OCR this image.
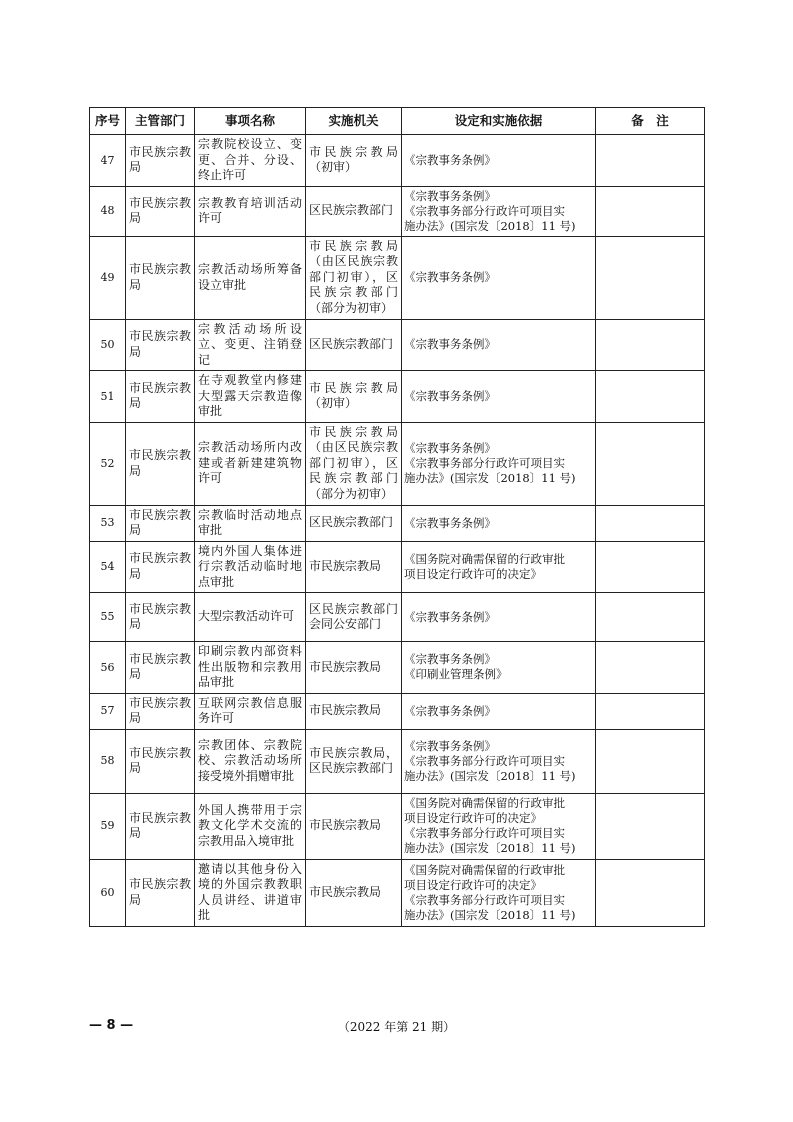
序号	主管部门	事项名称	实施机关	设定和实施依据	备　注
47	市民族宗教局	宗教院校设立、变更、合并、分设、终止许可	市民族宗教局（初审）	《宗教事务条例》	

48	市民族宗教局	宗教教育培训活动许可	区民族宗教部门	《宗教事务条例》
《宗教事务部分行政许可项目实
施办法》(国宗发〔2018〕11 号)	

49	市民族宗教局	宗教活动场所筹备设立审批	市民族宗教局（由区民族宗教部门初审），区民族宗教部门（部分为初审）	《宗教事务条例》	

50	市民族宗教局	宗教活动场所设立、变更、注销登记	区民族宗教部门	《宗教事务条例》	

51	市民族宗教局	在寺观教堂内修建大型露天宗教造像审批	市民族宗教局（初审）	《宗教事务条例》	

52	市民族宗教局	宗教活动场所内改建或者新建建筑物许可	市民族宗教局（由区民族宗教部门初审），区民族宗教部门（部分为初审）	《宗教事务条例》
《宗教事务部分行政许可项目实
施办法》(国宗发〔2018〕11 号)	

53	市民族宗教局	宗教临时活动地点审批	区民族宗教部门	《宗教事务条例》	

54	市民族宗教局	境内外国人集体进行宗教活动临时地点审批	市民族宗教局	《国务院对确需保留的行政审批
项目设定行政许可的决定》	

55	市民族宗教局	大型宗教活动许可	区民族宗教部门会同公安部门	《宗教事务条例》	

56	市民族宗教局	印刷宗教内部资料性出版物和宗教用品审批	市民族宗教局	《宗教事务条例》
《印刷业管理条例》	

57	市民族宗教局	互联网宗教信息服务许可	市民族宗教局	《宗教事务条例》	

58	市民族宗教局	宗教团体、宗教院校、宗教活动场所接受境外捐赠审批	市民族宗教局，区民族宗教部门	《宗教事务条例》
《宗教事务部分行政许可项目实
施办法》(国宗发〔2018〕11 号)	

59	市民族宗教局	外国人携带用于宗教文化学术交流的宗教用品入境审批	市民族宗教局	《国务院对确需保留的行政审批
项目设定行政许可的决定》
《宗教事务部分行政许可项目实
施办法》(国宗发〔2018〕11 号)	

60	市民族宗教局	邀请以其他身份入境的外国宗教教职人员讲经、讲道审批	市民族宗教局	《国务院对确需保留的行政审批
项目设定行政许可的决定》
《宗教事务部分行政许可项目实
施办法》(国宗发〔2018〕11 号)	

— 8 —	（2022 年第 21 期）
